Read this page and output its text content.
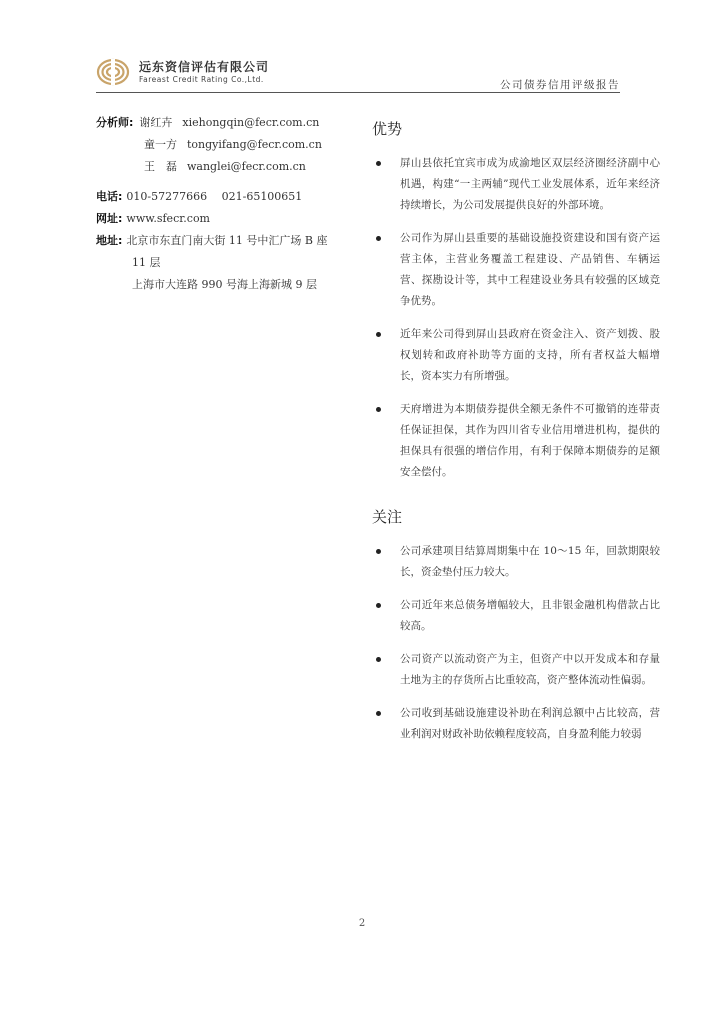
远东资信评估有限公司
Fareast Credit Rating Co.,Ltd.	公司债券信用评级报告
分析师: 谢红卉 xiehongqin@fecr.com.cn
童一方 tongyifang@fecr.com.cn
王　磊 wanglei@fecr.com.cn
电话: 010-57277666　 021-65100651
网址: www.sfecr.com
地址: 北京市东直门南大街 11 号中汇广场 B 座
11 层
上海市大连路 990 号海上海新城 9 层
优势
屏山县依托宜宾市成为成渝地区双层经济圈经济副中心机遇，构建“一主两辅”现代工业发展体系，近年来经济持续增长，为公司发展提供良好的外部环境。
公司作为屏山县重要的基础设施投资建设和国有资产运营主体，主营业务覆盖工程建设、产品销售、车辆运营、探勘设计等，其中工程建设业务具有较强的区域竞争优势。
近年来公司得到屏山县政府在资金注入、资产划拨、股权划转和政府补助等方面的支持，所有者权益大幅增长，资本实力有所增强。
天府增进为本期债券提供全额无条件不可撤销的连带责任保证担保，其作为四川省专业信用增进机构，提供的担保具有很强的增信作用，有利于保障本期债券的足额安全偿付。
关注
公司承建项目结算周期集中在 10～15 年，回款期限较长，资金垫付压力较大。
公司近年来总债务增幅较大，且非银金融机构借款占比较高。
公司资产以流动资产为主，但资产中以开发成本和存量土地为主的存货所占比重较高，资产整体流动性偏弱。
公司收到基础设施建设补助在利润总额中占比较高，营业利润对财政补助依赖程度较高，自身盈利能力较弱
2
